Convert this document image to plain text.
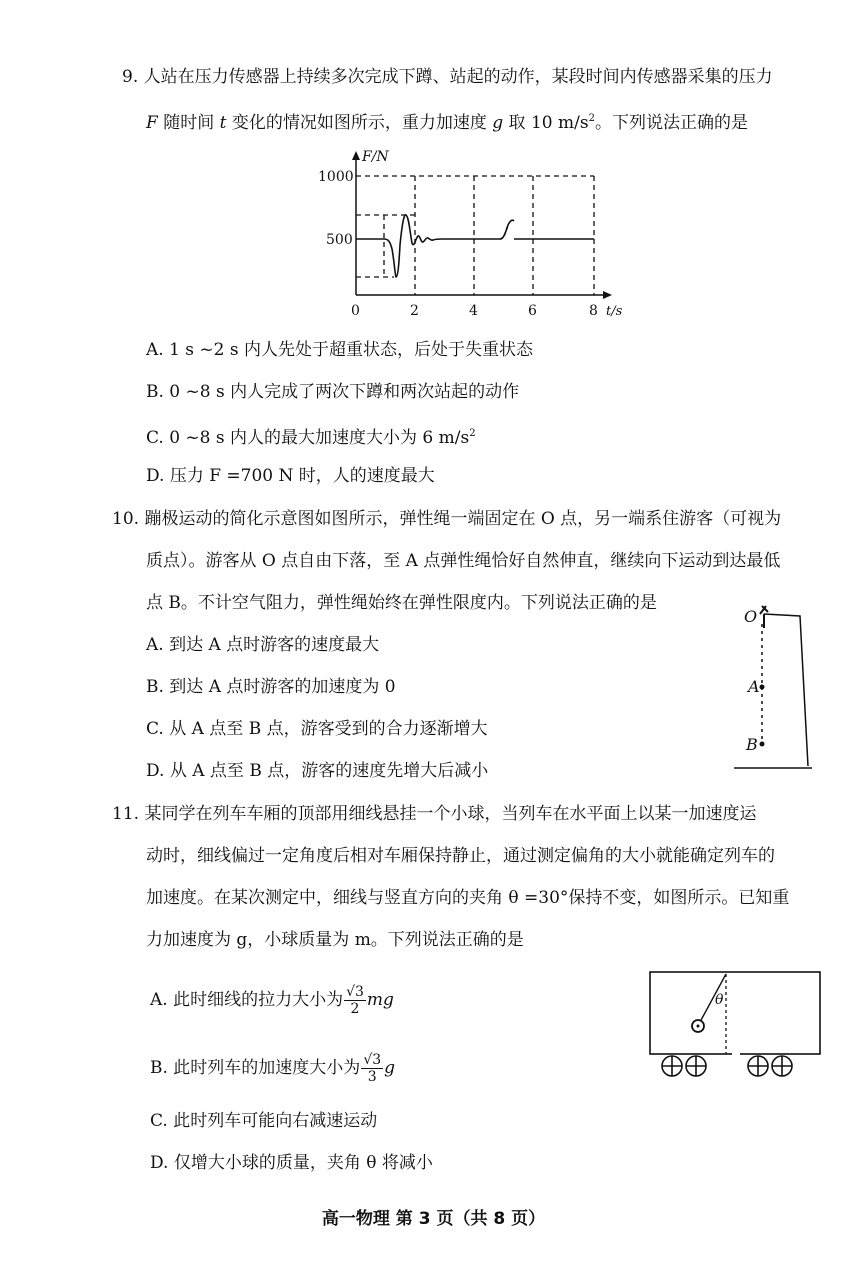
9. 人站在压力传感器上持续多次完成下蹲、站起的动作，某段时间内传感器采集的压力
F 随时间 t 变化的情况如图所示，重力加速度 g 取 10 $m/s^2$。下列说法正确的是
F/N
1000
500
0	2	4	6	8 t/s
A. 1 s ~2 s 内人先处于超重状态，后处于失重状态
B. 0 ~8 s 内人完成了两次下蹲和两次站起的动作
C. 0 ~8 s 内人的最大加速度大小为 6 $m/s^2$
D. 压力 F =700 N 时，人的速度最大
10. 蹦极运动的简化示意图如图所示，弹性绳一端固定在 O 点，另一端系住游客（可视为
质点）。游客从 O 点自由下落，至 A 点弹性绳恰好自然伸直，继续向下运动到达最低
点 B。不计空气阻力，弹性绳始终在弹性限度内。下列说法正确的是
A. 到达 A 点时游客的速度最大
B. 到达 A 点时游客的加速度为 0
C. 从 A 点至 B 点，游客受到的合力逐渐增大
D. 从 A 点至 B 点，游客的速度先增大后减小
O
A
B
11. 某同学在列车车厢的顶部用细线悬挂一个小球，当列车在水平面上以某一加速度运
动时，细线偏过一定角度后相对车厢保持静止，通过测定偏角的大小就能确定列车的
加速度。在某次测定中，细线与竖直方向的夹角 θ =30°保持不变，如图所示。已知重
力加速度为 g，小球质量为 m。下列说法正确的是
A. 此时细线的拉力大小为 $\frac{√3}{2}$ mg
B. 此时列车的加速度大小为 $\frac{√3}{3}$ g
C. 此时列车可能向右减速运动
D. 仅增大小球的质量，夹角 θ 将减小
θ
高一物理 第 3 页（共 8 页）
